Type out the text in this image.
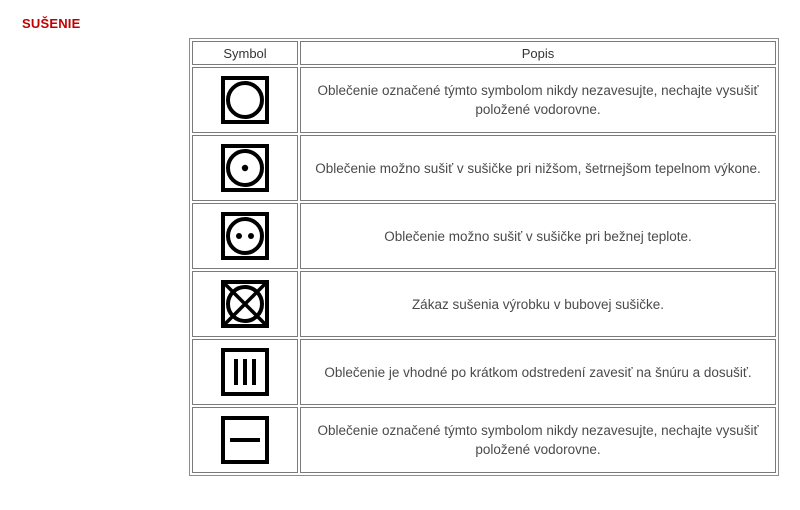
SUŠENIE
Symbol	Popis

	Oblečenie označené týmto symbolom nikdy nezavesujte, nechajte vysušiť položené vodorovne.

	Oblečenie možno sušiť v sušičke pri nižšom, šetrnejšom tepelnom výkone.

	Oblečenie možno sušiť v sušičke pri bežnej teplote.

	Zákaz sušenia výrobku v bubovej sušičke.

	Oblečenie je vhodné po krátkom odstredení zavesiť na šnúru a dosušiť.

	Oblečenie označené týmto symbolom nikdy nezavesujte, nechajte vysušiť položené vodorovne.
